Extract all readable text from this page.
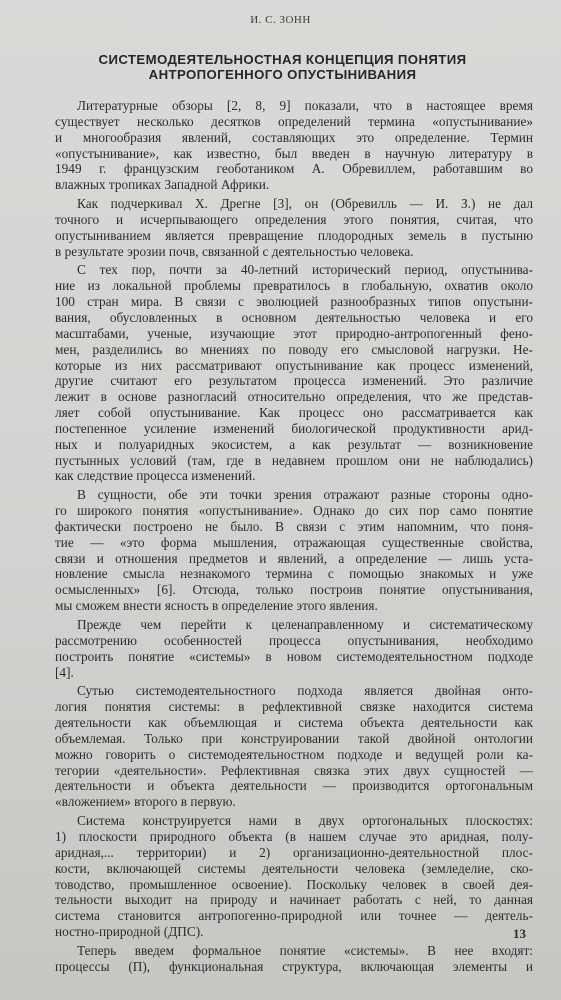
И. С. ЗОНН
СИСТЕМОДЕЯТЕЛЬНОСТНАЯ КОНЦЕПЦИЯ ПОНЯТИЯ
АНТРОПОГЕННОГО ОПУСТЫНИВАНИЯ

Литературные обзоры [2, 8, 9] показали, что в настоящее время
существует несколько десятков определений термина «опустынивание»
и многообразия явлений, составляющих это определение. Термин
«опустынивание», как известно, был введен в научную литературу в
1949 г. французским геоботаником А. Обревиллем, работавшим во
влажных тропиках Западной Африки.

Как подчеркивал Х. Дрегне [3], он (Обревилль — И. З.) не дал
точного и исчерпывающего определения этого понятия, считая, что
опустыниванием является превращение плодородных земель в пустыню
в результате эрозии почв, связанной с деятельностью человека.

С тех пор, почти за 40-летний исторический период, опустынива-
ние из локальной проблемы превратилось в глобальную, охватив около
100 стран мира. В связи с эволюцией разнообразных типов опустыни-
вания, обусловленных в основном деятельностью человека и его
масштабами, ученые, изучающие этот природно-антропогенный фено-
мен, разделились во мнениях по поводу его смысловой нагрузки. Не-
которые из них рассматривают опустынивание как процесс изменений,
другие считают его результатом процесса изменений. Это различие
лежит в основе разногласий относительно определения, что же представ-
ляет собой опустынивание. Как процесс оно рассматривается как
постепенное усиление изменений биологической продуктивности арид-
ных и полуаридных экосистем, а как результат — возникновение
пустынных условий (там, где в недавнем прошлом они не наблюдались)
как следствие процесса изменений.

В сущности, обе эти точки зрения отражают разные стороны одно-
го широкого понятия «опустынивание». Однако до сих пор само понятие
фактически построено не было. В связи с этим напомним, что поня-
тие — «это форма мышления, отражающая существенные свойства,
связи и отношения предметов и явлений, а определение — лишь уста-
новление смысла незнакомого термина с помощью знакомых и уже
осмысленных» [6]. Отсюда, только построив понятие опустынивания,
мы сможем внести ясность в определение этого явления.

Прежде чем перейти к целенаправленному и систематическому
рассмотрению особенностей процесса опустынивания, необходимо
построить понятие «системы» в новом системодеятельностном подходе
[4].

Сутью системодеятельностного подхода является двойная онто-
логия понятия системы: в рефлективной связке находится система
деятельности как объемлющая и система объекта деятельности как
объемлемая. Только при конструировании такой двойной онтологии
можно говорить о системодеятельностном подходе и ведущей роли ка-
тегории «деятельности». Рефлективная связка этих двух сущностей —
деятельности и объекта деятельности — производится ортогональным
«вложением» второго в первую.

Система конструируется нами в двух ортогональных плоскостях:
1) плоскости природного объекта (в нашем случае это аридная, полу-
аридная,... территории) и 2) организационно-деятельностной плос-
кости, включающей системы деятельности человека (земледелие, ско-
товодство, промышленное освоение). Поскольку человек в своей дея-
тельности выходит на природу и начинает работать с ней, то данная
система становится антропогенно-природной или точнее — деятель-
ностно-природной (ДПС).

Теперь введем формальное понятие «системы». В нее входят:
процессы (П), функциональная структура, включающая элементы и

13
